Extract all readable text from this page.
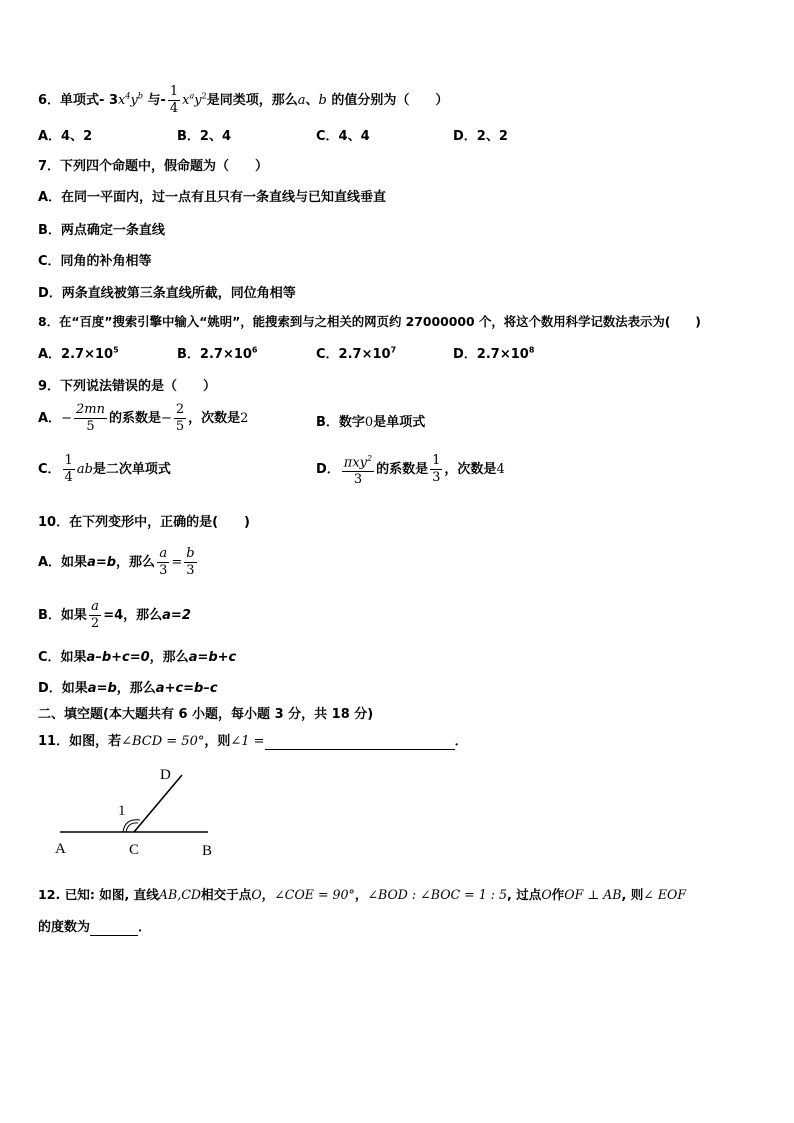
6．单项式- $3x^4y^b$ 与- $\frac{1}{4} x^ay^2$是同类项，那么a、b 的值分别为（　　）
A．4、2	B．2、4	C．4、4	D．2、2
7．下列四个命题中，假命题为（　　）
A．在同一平面内，过一点有且只有一条直线与已知直线垂直
B．两点确定一条直线
C．同角的补角相等
D．两条直线被第三条直线所截，同位角相等
8．在“百度”搜索引擎中输入“姚明”，能搜索到与之相关的网页约 27000000 个，将这个数用科学记数法表示为(　　)
A．$2.7\times 10^5$	B．$2.7\times 10^6$	C．$2.7\times 10^7$	D．$2.7\times 10^8$
9．下列说法错误的是（　　）
A．− $\frac{2mn}{5}$ 的系数是− $\frac{2}{5}$ ，次数是2	B．数字0是单项式
C． $\frac{1}{4}$ ab是二次单项式	D． $\frac{\pi xy^2}{3}$ 的系数是 $\frac{1}{3}$ ，次数是4
10．在下列变形中，正确的是(　　)
A．如果a=b，那么 $\frac{a}{3} = \frac{b}{3}$
B．如果 $\frac{a}{2} =4$，那么a=2
C．如果a–b+c=0，那么a=b+c
D．如果a=b，那么a+c=b–c
二、填空题(本大题共有 6 小题，每小题 3 分，共 18 分)
11．如图，若∠BCD = 50°，则∠1 =	．
D
1
A	C	B
12. 已知: 如图, 直线AB,CD相交于点O，∠COE = 90°，∠BOD : ∠BOC = 1 : 5, 过点O作OF ⊥ AB, 则∠ EOF
的度数为	．
